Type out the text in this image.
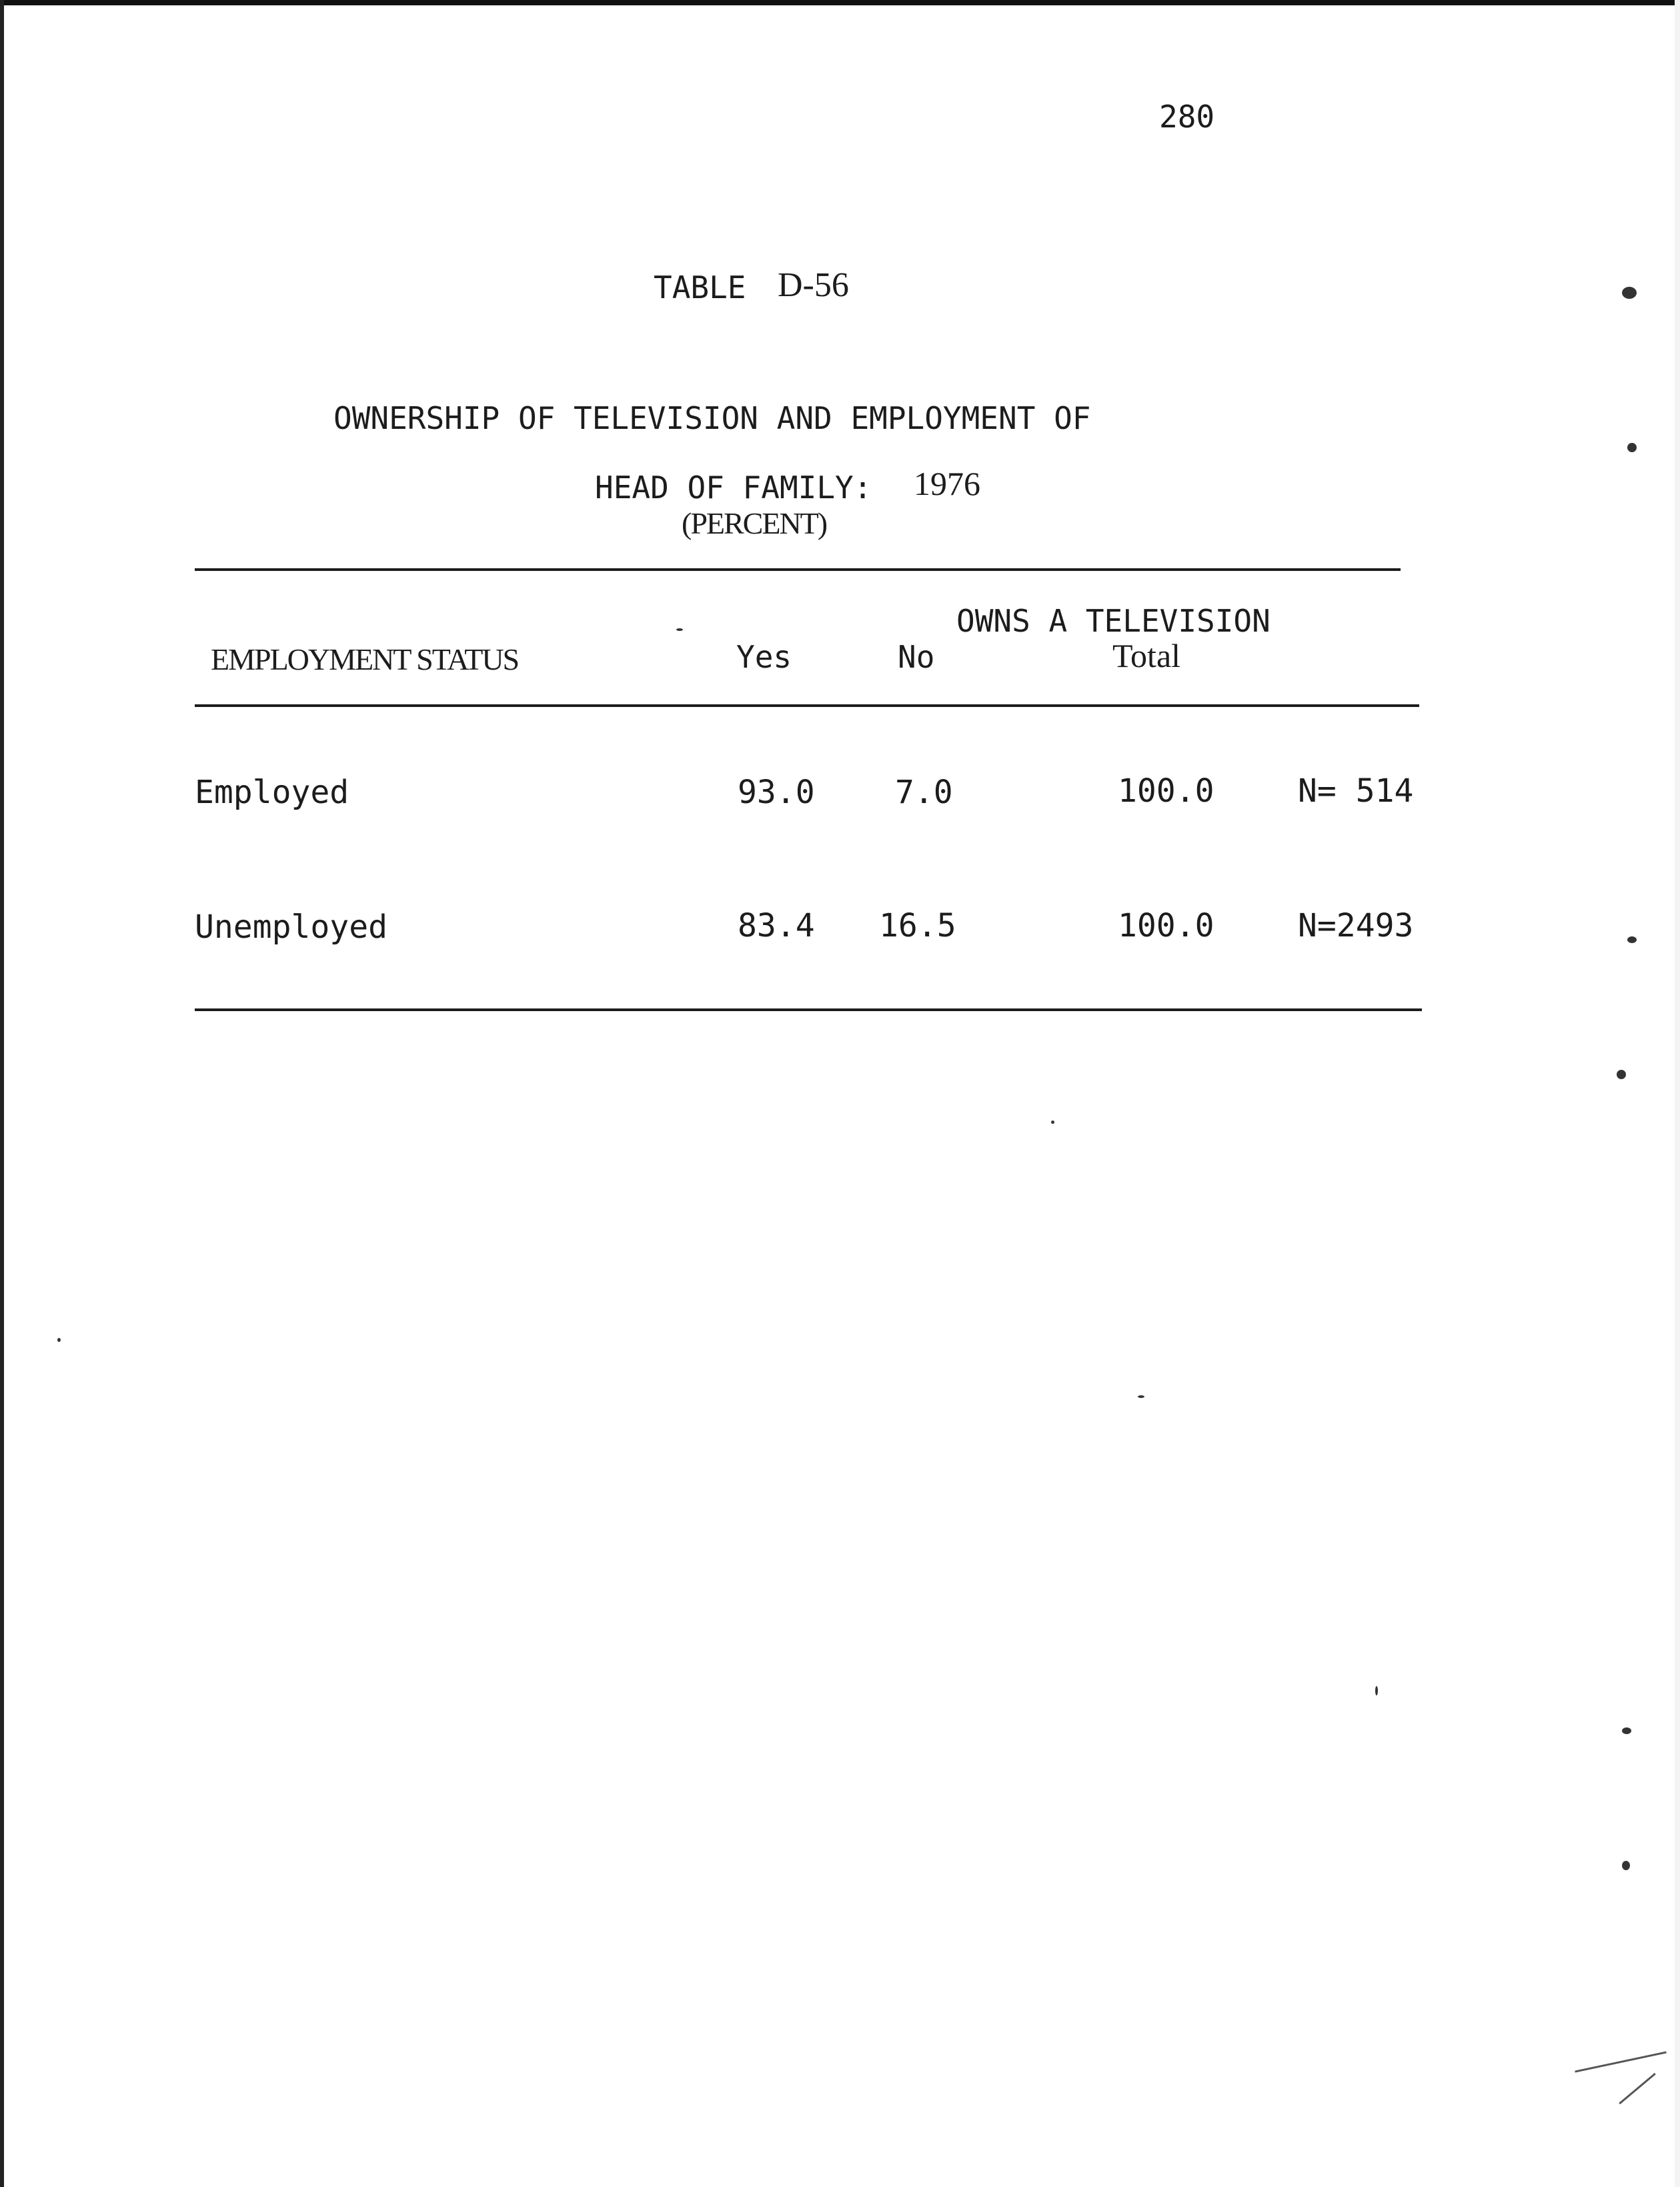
280
TABLE D-56
OWNERSHIP OF TELEVISION AND EMPLOYMENT OF
HEAD OF FAMILY: 1976
(PERCENT)
OWNS A TELEVISION
EMPLOYMENT STATUS	Yes	No	Total
Employed	93.0	7.0	100.0	N= 514
Unemployed	83.4 16.5	100.0	N=2493
